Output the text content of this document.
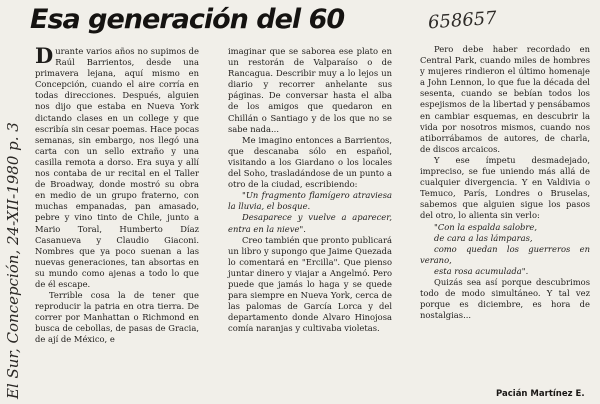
Esa generación del 60	658657
El Sur, Concepción, 24-XII-1980 p. 3

Durante varios años no supimos de Raúl Barrientos, desde una primavera lejana, aquí mismo en Concepción, cuando el aire corría en todas direcciones. Después, alguien nos dijo que estaba en Nueva York dictando clases en un college y que escribía sin cesar poemas. Hace pocas semanas, sin embargo, nos llegó una carta con un sello extraño y una casilla remota a dorso. Era suya y allí nos contaba de ur recital en el Taller de Broadway, donde mostró su obra en medio de un grupo fraterno, con muchas empanadas, pan amasado, pebre y vino tinto de Chile, junto a Mario Toral, Humberto Díaz Casanueva y Claudio Giaconi. Nombres que ya poco suenan a las nuevas generaciones, tan absortas en su mundo como ajenas a todo lo que de él escape.

Terrible cosa la de tener que reproducir la patria en otra tierra. De correr por Manhattan o Richmond en busca de cebollas, de pasas de Gracia, de ají de México, e

imaginar que se saborea ese plato en un restorán de Valparaíso o de Rancagua. Describir muy a lo lejos un diario y recorrer anhelante sus páginas. De conversar hasta el alba de los amigos que quedaron en Chillán o Santiago y de los que no se sabe nada...

Me imagino entonces a Barrientos, que descanaba sólo en español, visitando a los Giardano o los locales del Soho, trasladándose de un punto a otro de la ciudad, escribiendo:

"Un fragmento flamígero atraviesa la lluvia, el bosque.

Desaparece y vuelve a aparecer, entra en la nieve".

Creo también que pronto publicará un libro y supongo que Jaime Quezada lo comentará en "Ercilla". Que pienso juntar dinero y viajar a Angelmó. Pero puede que jamás lo haga y se quede para siempre en Nueva York, cerca de las palomas de García Lorca y del departamento donde Alvaro Hinojosa comía naranjas y cultivaba violetas.

Pero debe haber recordado en Central Park, cuando miles de hombres y mujeres rindieron el último homenaje a John Lennon, lo que fue la década del sesenta, cuando se bebían todos los espejismos de la libertad y pensábamos en cambiar esquemas, en descubrir la vida por nosotros mismos, cuando nos atiborrábamos de autores, de charla, de discos arcaicos.

Y ese ímpetu desmadejado, impreciso, se fue uniendo más allá de cualquier divergencia. Y en Valdivia o Temuco, París, Londres o Bruselas, sabemos que alguien sigue los pasos del otro, lo alienta sin verlo:

"Con la espalda salobre,

de cara a las lámparas,

como quedan los guerreros en verano,

esta rosa acumulada".

Quizás sea así porque descubrimos todo de modo simultáneo. Y tal vez porque es diciembre, es hora de nostalgias...

Pacián Martínez E.
